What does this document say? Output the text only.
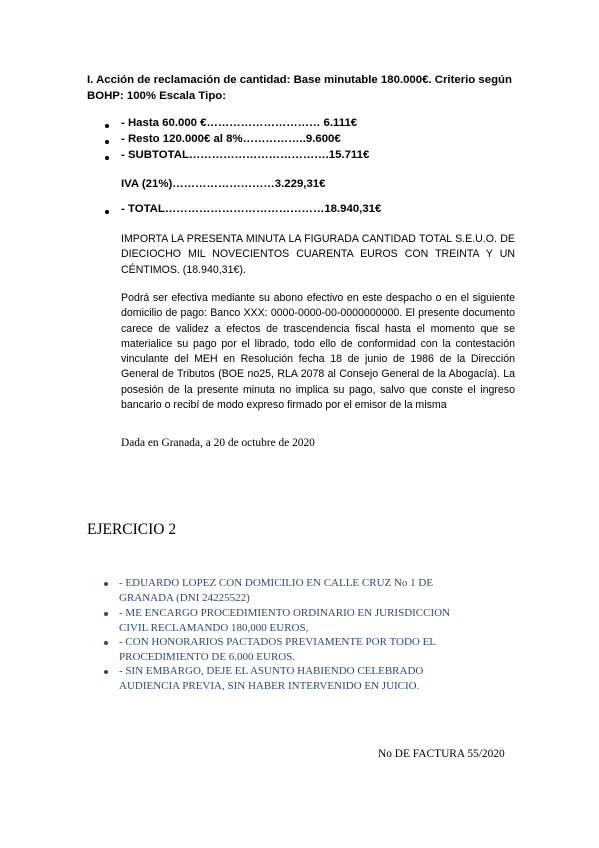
I. Acción de reclamación de cantidad: Base minutable 180.000€. Criterio según BOHP: 100% Escala Tipo:
- Hasta 60.000 €………………………… 6.111€
- Resto 120.000€ al 8%……………..9.600€
- SUBTOTAL……………………………….15.711€
IVA (21%)………………………3.229,31€
- TOTAL……………………………………18.940,31€
IMPORTA LA PRESENTA MINUTA LA FIGURADA CANTIDAD TOTAL S.E.U.O. DE DIECIOCHO MIL NOVECIENTOS CUARENTA EUROS CON TREINTA Y UN CÉNTIMOS. (18.940,31€).
Podrá ser efectiva mediante su abono efectivo en este despacho o en el siguiente domicilio de pago: Banco XXX: 0000-0000-00-0000000000. El presente documento carece de validez a efectos de trascendencia fiscal hasta el momento que se materialice su pago por el librado, todo ello de conformidad con la contestación vinculante del MEH en Resolución fecha 18 de junio de 1986 de la Dirección General de Tributos (BOE no25, RLA 2078 al Consejo General de la Abogacía). La posesión de la presente minuta no implica su pago, salvo que conste el ingreso bancario o recibí de modo expreso firmado por el emisor de la misma
Dada en Granada, a 20 de octubre de 2020
EJERCICIO 2
- EDUARDO LOPEZ CON DOMICILIO EN CALLE CRUZ No 1 DE GRANADA (DNI 24225522)
- ME ENCARGO PROCEDIMIENTO ORDINARIO EN JURISDICCION CIVIL RECLAMANDO 180,000 EUROS,
- CON HONORARIOS PACTADOS PREVIAMENTE POR TODO EL PROCEDIMIENTO DE 6.000 EUROS.
- SIN EMBARGO, DEJE EL ASUNTO HABIENDO CELEBRADO AUDIENCIA PREVIA, SIN HABER INTERVENIDO EN JUICIO.
No DE FACTURA 55/2020
